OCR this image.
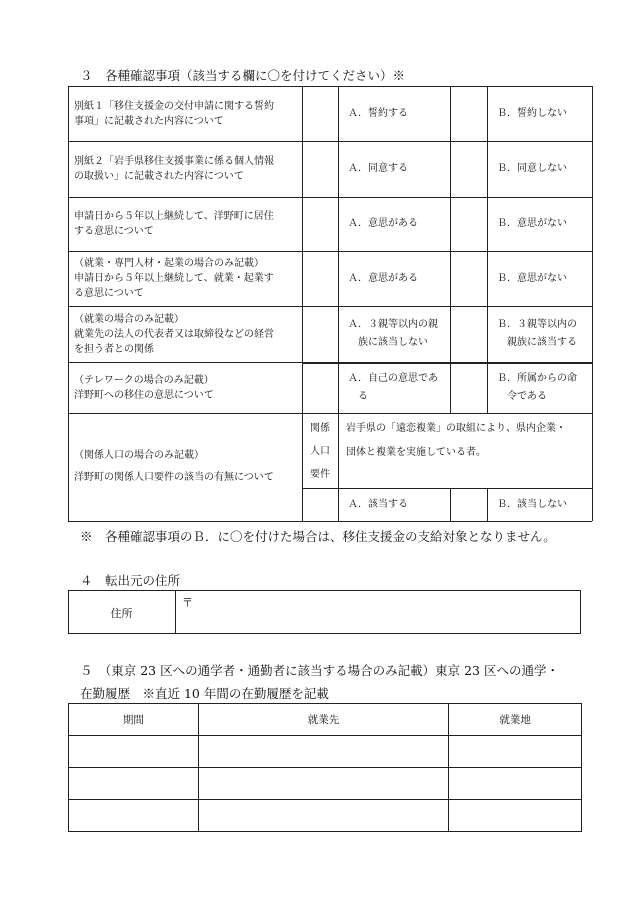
３　各種確認事項（該当する欄に〇を付けてください）※
別紙１「移住支援金の交付申請に関する誓約
事項」に記載された内容について
Ａ．誓約する	Ｂ．誓約しない
別紙２「岩手県移住支援事業に係る個人情報
の取扱い」に記載された内容について
Ａ．同意する	Ｂ．同意しない
申請日から５年以上継続して、洋野町に居住
する意思について
Ａ．意思がある	Ｂ．意思がない
（就業・専門人材・起業の場合のみ記載）
申請日から５年以上継続して、就業・起業す
る意思について
Ａ．意思がある	Ｂ．意思がない
（就業の場合のみ記載）
就業先の法人の代表者又は取締役などの経営
を担う者との関係
Ａ．３親等以内の親
族に該当しない
Ｂ．３親等以内の
親族に該当する
（テレワークの場合のみ記載）
洋野町への移住の意思について
Ａ．自己の意思であ
る
Ｂ．所属からの命
令である
（関係人口の場合のみ記載）
洋野町の関係人口要件の該当の有無について
関係
人口
要件
岩手県の「遠恋複業」の取組により、県内企業・
団体と複業を実施している者。
Ａ．該当する	Ｂ．該当しない
※　各種確認事項のＢ．に〇を付けた場合は、移住支援金の支給対象となりません。
４　転出元の住所
住所
〒
５　（東京 23 区への通学者・通勤者に該当する場合のみ記載）東京 23 区への通学・
在勤履歴　※直近 10 年間の在勤履歴を記載
期間	就業先	就業地
